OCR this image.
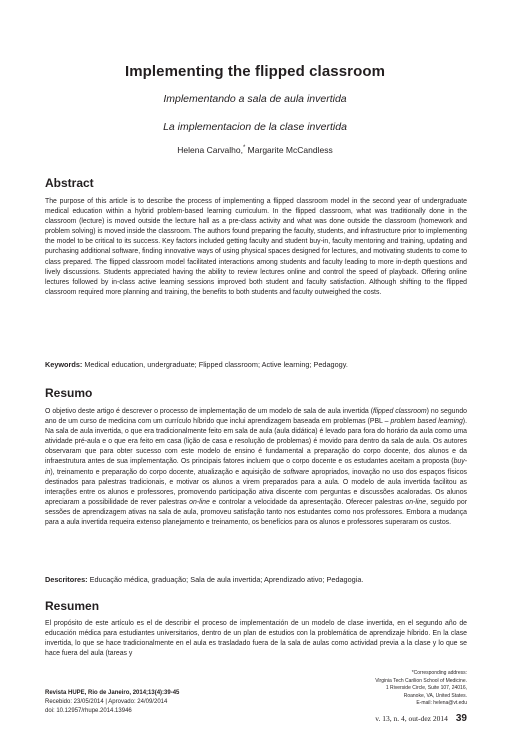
Implementing the flipped classroom
Implementando a sala de aula invertida
La implementacion de la clase invertida
Helena Carvalho,* Margarite McCandless
Abstract
The purpose of this article is to describe the process of implementing a flipped classroom model in the second year of undergraduate medical education within a hybrid problem-based learning curriculum. In the flipped classroom, what was traditionally done in the classroom (lecture) is moved outside the lecture hall as a pre-class activity and what was done outside the classroom (homework and problem solving) is moved inside the classroom. The authors found preparing the faculty, students, and infrastructure prior to implementing the model to be critical to its success. Key factors included getting faculty and student buy-in, faculty mentoring and training, updating and purchasing additional software, finding innovative ways of using physical spaces designed for lectures, and motivating students to come to class prepared. The flipped classroom model facilitated interactions among students and faculty leading to more in-depth questions and lively discussions. Students appreciated having the ability to review lectures online and control the speed of playback. Offering online lectures followed by in-class active learning sessions improved both student and faculty satisfaction. Although shifting to the flipped classroom required more planning and training, the benefits to both students and faculty outweighed the costs.
Keywords: Medical education, undergraduate; Flipped classroom; Active learning; Pedagogy.
Resumo
O objetivo deste artigo é descrever o processo de implementação de um modelo de sala de aula invertida (flipped classroom) no segundo ano de um curso de medicina com um currículo híbrido que inclui aprendizagem baseada em problemas (PBL – problem based learning). Na sala de aula invertida, o que era tradicionalmente feito em sala de aula (aula didática) é levado para fora do horário da aula como uma atividade pré-aula e o que era feito em casa (lição de casa e resolução de problemas) é movido para dentro da sala de aula. Os autores observaram que para obter sucesso com este modelo de ensino é fundamental a preparação do corpo docente, dos alunos e da infraestrutura antes de sua implementação. Os principais fatores incluem que o corpo docente e os estudantes aceitam a proposta (buy-in), treinamento e preparação do corpo docente, atualização e aquisição de software apropriados, inovação no uso dos espaços físicos destinados para palestras tradicionais, e motivar os alunos a virem preparados para a aula. O modelo de aula invertida facilitou as interações entre os alunos e professores, promovendo participação ativa discente com perguntas e discussões acaloradas. Os alunos apreciaram a possibilidade de rever palestras on-line e controlar a velocidade da apresentação. Oferecer palestras on-line, seguido por sessões de aprendizagem ativas na sala de aula, promoveu satisfação tanto nos estudantes como nos professores. Embora a mudança para a aula invertida requeira extenso planejamento e treinamento, os benefícios para os alunos e professores superaram os custos.
Descritores: Educação médica, graduação; Sala de aula invertida; Aprendizado ativo; Pedagogia.
Resumen
El propósito de este artículo es el de describir el proceso de implementación de un modelo de clase invertida, en el segundo año de educación médica para estudiantes universitarios, dentro de un plan de estudios con la problemática de aprendizaje híbrido. En la clase invertida, lo que se hace tradicionalmente en el aula es trasladado fuera de la sala de aulas como actividad previa a la clase y lo que se hace fuera del aula (tareas y
Revista HUPE, Rio de Janeiro, 2014;13(4):39-45
Recebido: 23/05/2014 | Aprovado: 24/09/2014
doi: 10.12957/rhupe.2014.13946
*Corresponding address:
Virginia Tech Carilion School of Medicine.
1 Riverside Circle, Suite 107, 24016,
Roanoke, VA, United States.
E-mail: helena@vt.edu
v. 13, n. 4, out-dez 2014 39
